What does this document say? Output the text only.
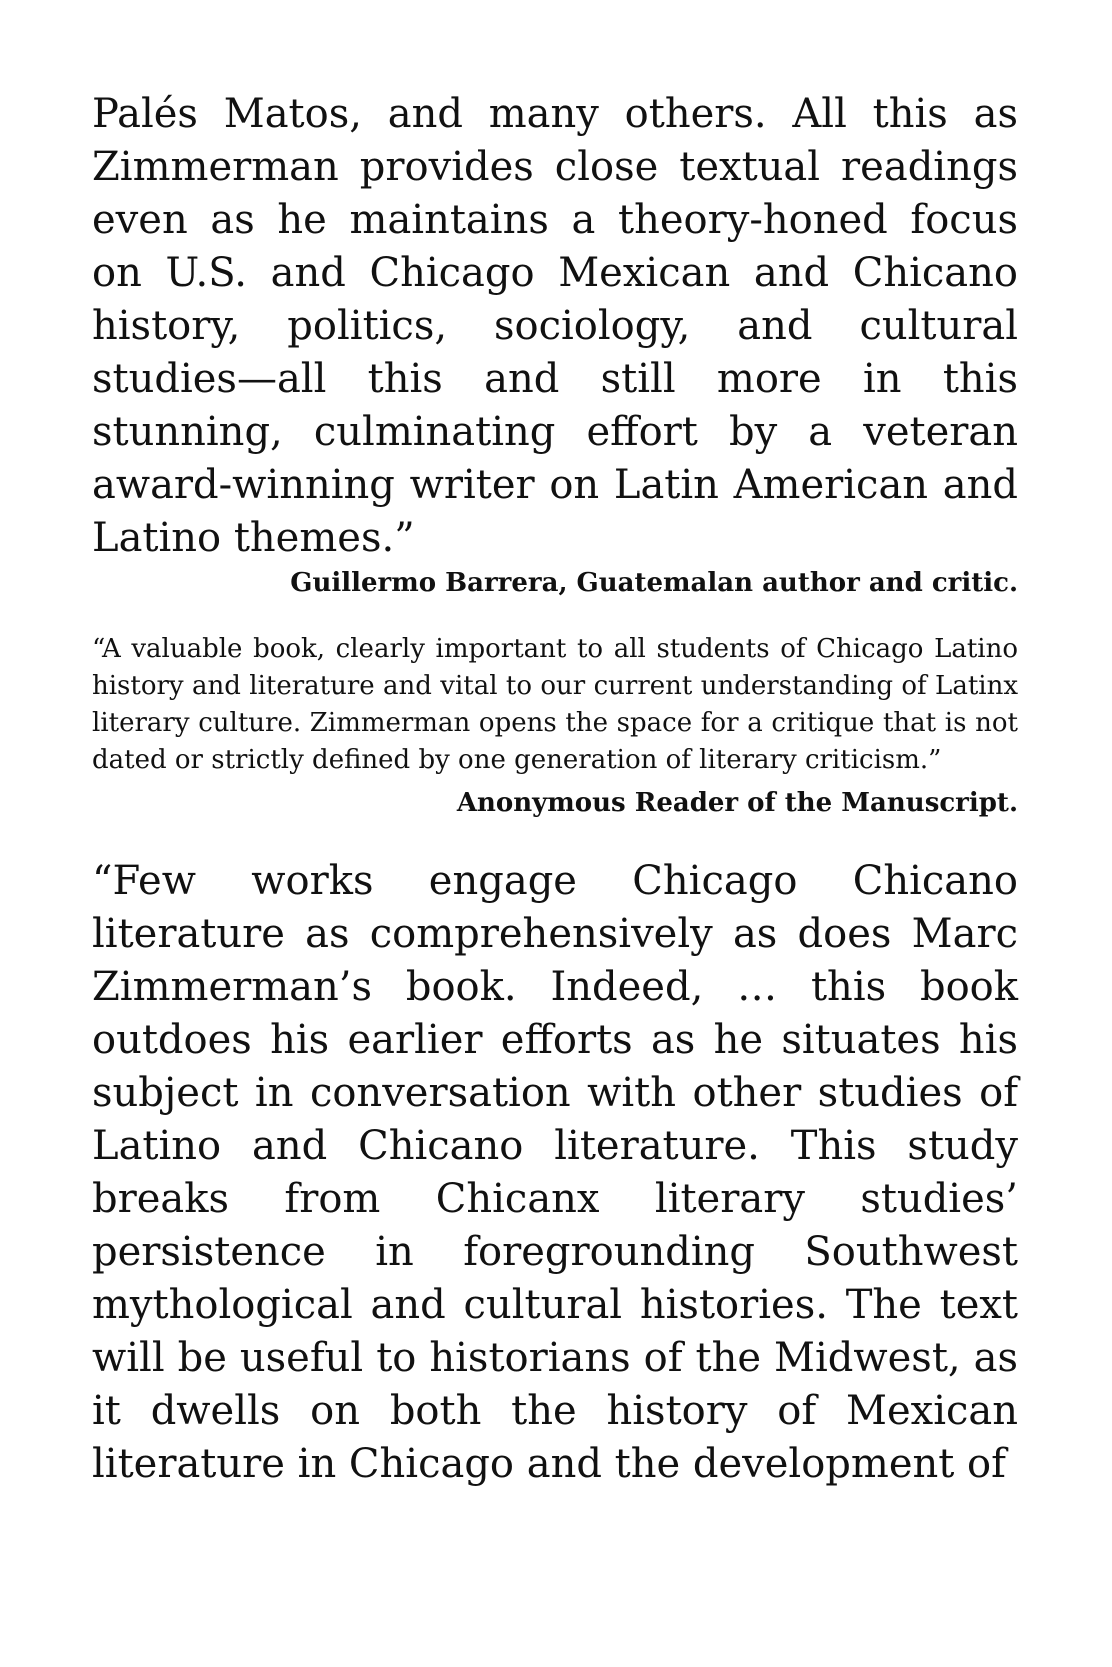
Palés Matos, and many others. All this as Zimmerman provides close textual readings even as he maintains a theory-honed focus on U.S. and Chicago Mexican and Chicano history, politics, sociology, and cultural studies—all this and still more in this stunning, culminating effort by a veteran award-winning writer on Latin American and Latino themes.”

Guillermo Barrera, Guatemalan author and critic.

“A valuable book, clearly important to all students of Chicago Latino history and literature and vital to our current understanding of Latinx literary culture. Zimmerman opens the space for a critique that is not dated or strictly defined by one generation of literary criticism.”

Anonymous Reader of the Manuscript.

“Few works engage Chicago Chicano literature as comprehensively as does Marc Zimmerman’s book. Indeed, … this book outdoes his earlier efforts as he situates his subject in conversation with other studies of Latino and Chicano literature. This study breaks from Chicanx literary studies’ persistence in foregrounding Southwest mythological and cultural histories. The text will be useful to historians of the Midwest, as it dwells on both the history of Mexican literature in Chicago and the development of
